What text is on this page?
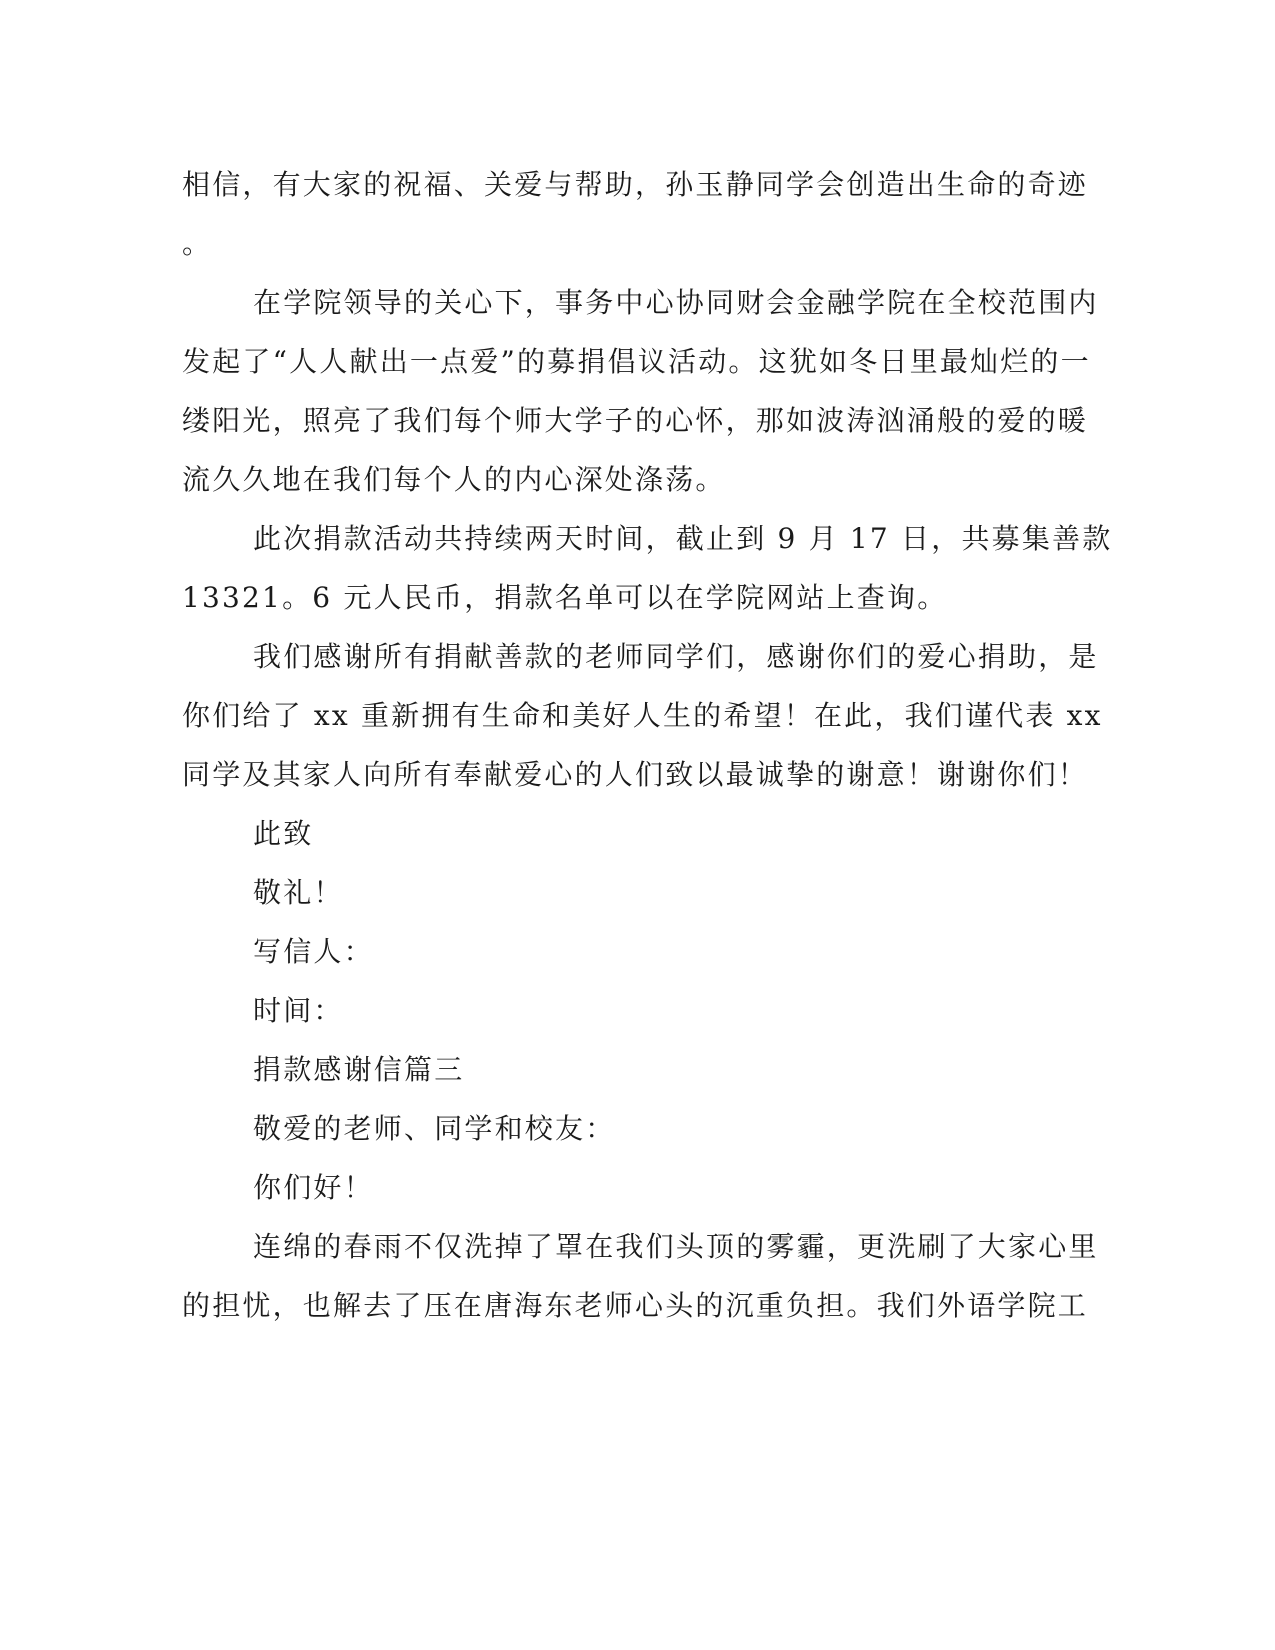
相信，有大家的祝福、关爱与帮助，孙玉静同学会创造出生命的奇迹
。
在学院领导的关心下，事务中心协同财会金融学院在全校范围内
发起了“人人献出一点爱”的募捐倡议活动。这犹如冬日里最灿烂的一
缕阳光，照亮了我们每个师大学子的心怀，那如波涛汹涌般的爱的暖
流久久地在我们每个人的内心深处涤荡。
此次捐款活动共持续两天时间，截止到 9 月 17 日，共募集善款
13321。6 元人民币，捐款名单可以在学院网站上查询。
我们感谢所有捐献善款的老师同学们，感谢你们的爱心捐助，是
你们给了 xx 重新拥有生命和美好人生的希望！在此，我们谨代表 xx
同学及其家人向所有奉献爱心的人们致以最诚挚的谢意！谢谢你们！
此致
敬礼！
写信人：
时间：
捐款感谢信篇三
敬爱的老师、同学和校友：
你们好！
连绵的春雨不仅洗掉了罩在我们头顶的雾霾，更洗刷了大家心里
的担忧，也解去了压在唐海东老师心头的沉重负担。我们外语学院工
